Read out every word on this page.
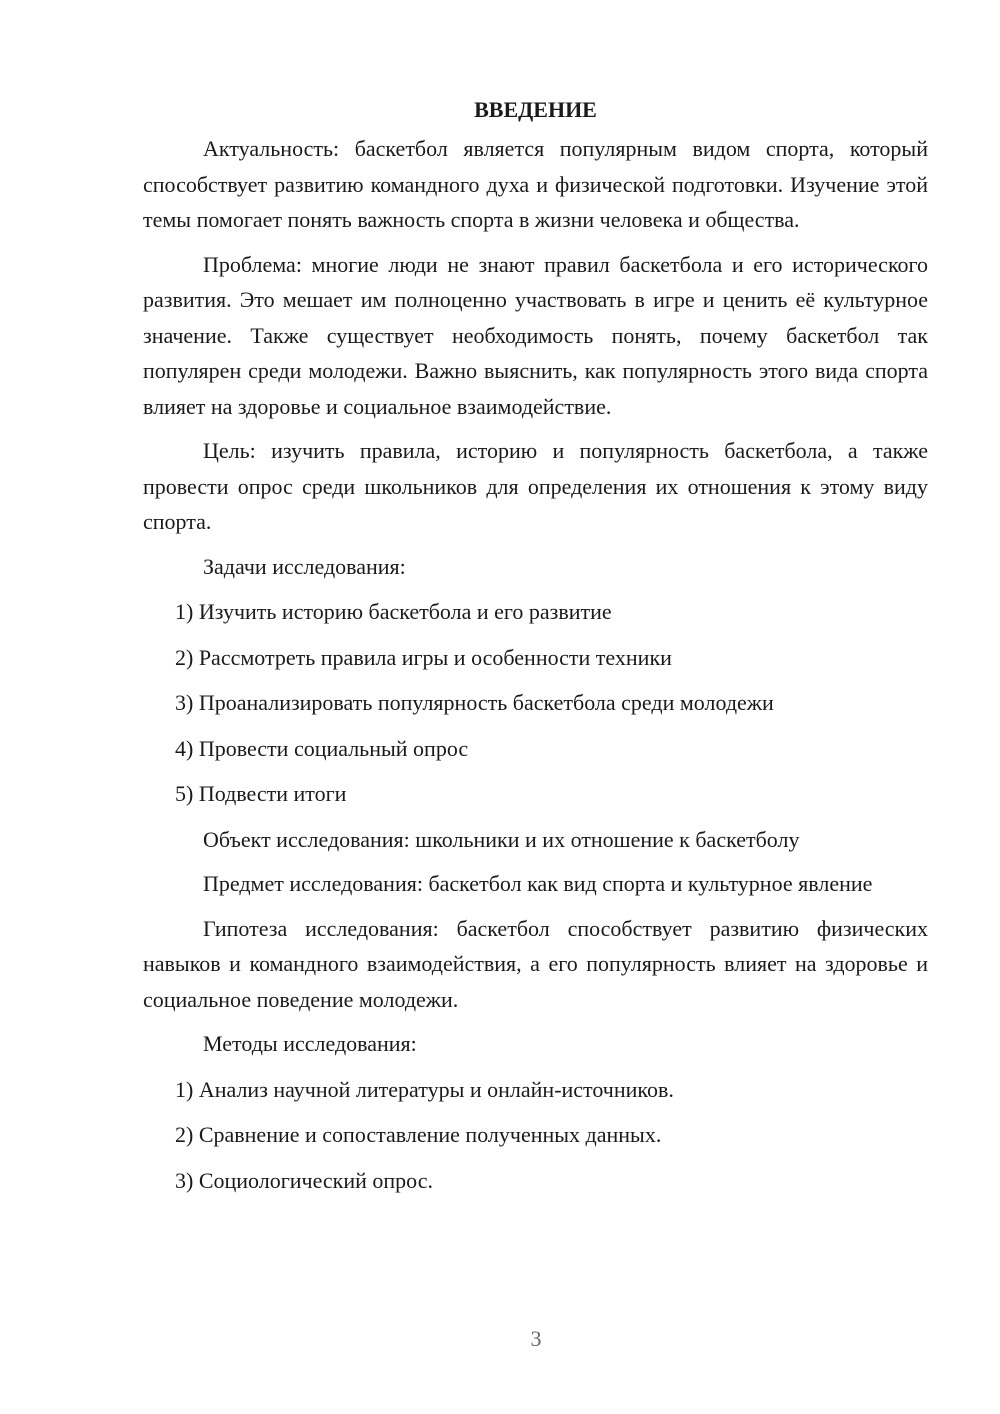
ВВЕДЕНИЕ

Актуальность: баскетбол является популярным видом спорта, который способствует развитию командного духа и физической подготовки. Изучение этой темы помогает понять важность спорта в жизни человека и общества.

Проблема: многие люди не знают правил баскетбола и его исторического развития. Это мешает им полноценно участвовать в игре и ценить её культурное значение. Также существует необходимость понять, почему баскетбол так популярен среди молодежи. Важно выяснить, как популярность этого вида спорта влияет на здоровье и социальное взаимодействие.

Цель: изучить правила, историю и популярность баскетбола, а также провести опрос среди школьников для определения их отношения к этому виду спорта.

Задачи исследования:

1) Изучить историю баскетбола и его развитие
2) Рассмотреть правила игры и особенности техники
3) Проанализировать популярность баскетбола среди молодежи
4) Провести социальный опрос
5) Подвести итоги

Объект исследования: школьники и их отношение к баскетболу

Предмет исследования: баскетбол как вид спорта и культурное явление

Гипотеза исследования: баскетбол способствует развитию физических навыков и командного взаимодействия, а его популярность влияет на здоровье и социальное поведение молодежи.

Методы исследования:

1) Анализ научной литературы и онлайн-источников.
2) Сравнение и сопоставление полученных данных.
3) Социологический опрос.
3
